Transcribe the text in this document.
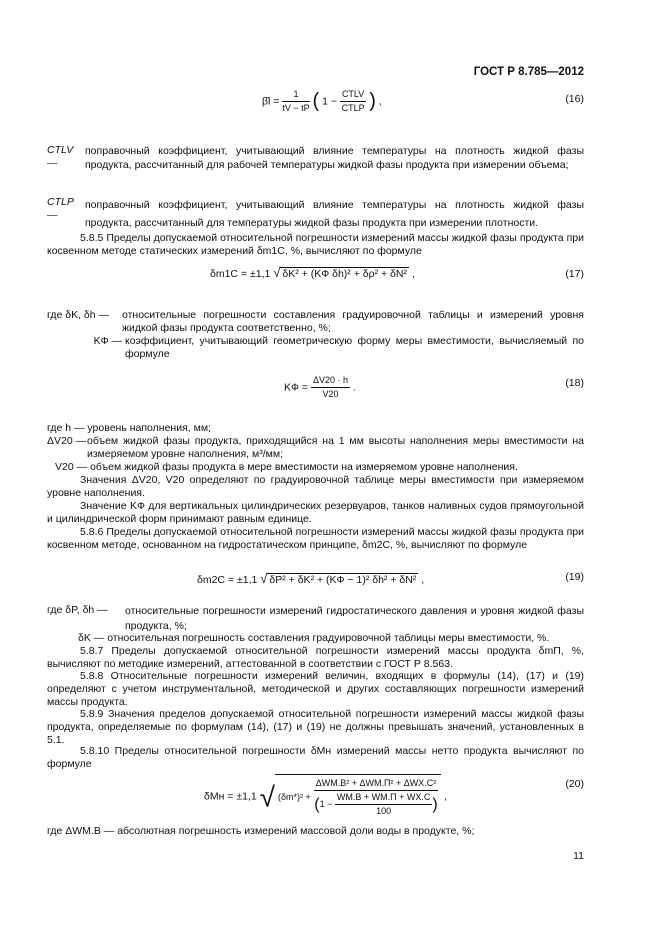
ГОСТ Р 8.785—2012
β̄l = $\frac{1}{tV - tP}$ ( $1 - \frac{\text{CTLV}}{\text{CTLP}}$ ) ,	(16)
CTLV —
поправочный коэффициент, учитывающий влияние температуры на плотность жидкой фазы продукта, рассчитанный для рабочей температуры жидкой фазы продукта при измерении объема;
CTLP —
поправочный коэффициент, учитывающий влияние температуры на плотность жидкой фазы продукта, рассчитанный для температуры жидкой фазы продукта при измерении плотности.
5.8.5 Пределы допускаемой относительной погрешности измерений массы жидкой фазы продукта при косвенном методе статических измерений δm1C, %, вычисляют по формуле
δm1C = ±1,1 √ δK² + (KФ δh)² + δρ² + δN² ,	(17)
где δK, δh —	относительные погрешности составления градуировочной таблицы и измерений уровня жидкой фазы продукта соответственно, %;
KФ — коэффициент, учитывающий геометрическую форму меры вместимости, вычисляемый по формуле
KФ = $\frac{\Delta V20 \cdot h}{V20}$ .	(18)
где h — уровень наполнения, мм;
ΔV20 — объем жидкой фазы продукта, приходящийся на 1 мм высоты наполнения меры вместимости на измеряемом уровне наполнения, м³/мм;
V20 — объем жидкой фазы продукта в мере вместимости на измеряемом уровне наполнения.
Значения ΔV20, V20 определяют по градуировочной таблице меры вместимости при измеряемом уровне наполнения.
Значение KФ для вертикальных цилиндрических резервуаров, танков наливных судов прямоугольной и цилиндрической форм принимают равным единице.
5.8.6 Пределы допускаемой относительной погрешности измерений массы жидкой фазы продукта при косвенном методе, основанном на гидростатическом принципе, δm2C, %, вычисляют по формуле
δm2C = ±1,1 √ δP² + δK² + (KФ − 1)² δh² + δN² ,	(19)
где δP, δh —	относительные погрешности измерений гидростатического давления и уровня жидкой фазы продукта, %;
δK — относительная погрешность составления градуировочной таблицы меры вместимости, %.
5.8.7 Пределы допускаемой относительной погрешности измерений массы продукта δmП, %, вычисляют по методике измерений, аттестованной в соответствии с ГОСТ Р 8.563.
5.8.8 Относительные погрешности измерений величин, входящих в формулы (14), (17) и (19) определяют с учетом инструментальной, методической и других составляющих погрешности измерений массы продукта.
5.8.9 Значения пределов допускаемой относительной погрешности измерений массы жидкой фазы продукта, определяемые по формулам (14), (17) и (19) не должны превышать значений, установленных в 5.1.
5.8.10 Пределы относительной погрешности δMн измерений массы нетто продукта вычисляют по формуле
δMн = ±1,1 √ (δm*)² +
ΔWМ.В² + ΔWМ.П² + ΔWХ.С²
($1 - \frac{WМ.В + WМ.П + WХ.С}{100}$ ) ,
(20)
где ΔWМ.В — абсолютная погрешность измерений массовой доли воды в продукте, %;
11
